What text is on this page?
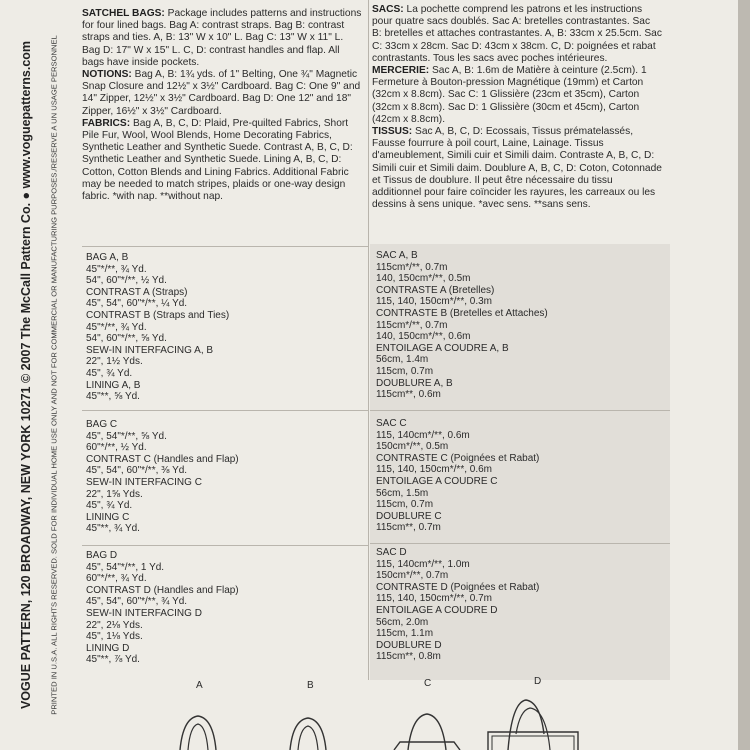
VOGUE PATTERN, 120 BROADWAY, NEW YORK 10271 © 2007 The McCall Pattern Co. ● www.voguepatterns.com PRINTED IN U.S.A. ALL RIGHTS RESERVED. SOLD FOR INDIVIDUAL HOME USE ONLY AND NOT FOR COMMERCIAL OR MANUFACTURING PURPOSES./RESERVE A UN USAGE PERSONNEL

SATCHEL BAGS: Package includes patterns and instructions for four lined bags. Bag A: contrast straps. Bag B: contrast straps and ties. A, B: 13" W x 10" L. Bag C: 13" W x 11" L. Bag D: 17" W x 15" L. C, D: contrast handles and flap. All bags have inside pockets.

NOTIONS: Bag A, B: 1¾ yds. of 1" Belting, One ¾" Magnetic Snap Closure and 12½" x 3½" Cardboard. Bag C: One 9" and 14" Zipper, 12½" x 3½" Cardboard. Bag D: One 12" and 18" Zipper, 16½" x 3½" Cardboard.

FABRICS: Bag A, B, C, D: Plaid, Pre-quilted Fabrics, Short Pile Fur, Wool, Wool Blends, Home Decorating Fabrics, Synthetic Leather and Synthetic Suede. Contrast A, B, C, D: Synthetic Leather and Synthetic Suede. Lining A, B, C, D: Cotton, Cotton Blends and Lining Fabrics. Additional Fabric may be needed to match stripes, plaids or one-way design fabric. *with nap. **without nap.

SACS: La pochette comprend les patrons et les instructions pour quatre sacs doublés. Sac A: bretelles contrastantes. Sac B: bretelles et attaches contrastantes. A, B: 33cm x 25.5cm. Sac C: 33cm x 28cm. Sac D: 43cm x 38cm. C, D: poignées et rabat contrastants. Tous les sacs avec poches intérieures.

MERCERIE: Sac A, B: 1.6m de Matière à ceinture (2.5cm). 1 Fermeture à Bouton-pression Magnétique (19mm) et Carton (32cm x 8.8cm). Sac C: 1 Glissière (23cm et 35cm), Carton (32cm x 8.8cm). Sac D: 1 Glissière (30cm et 45cm), Carton (42cm x 8.8cm).

TISSUS: Sac A, B, C, D: Ecossais, Tissus prématelassés, Fausse fourrure à poil court, Laine, Lainage. Tissus d'ameublement, Simili cuir et Simili daim. Contraste A, B, C, D: Simili cuir et Simili daim. Doublure A, B, C, D: Coton, Cotonnade et Tissus de doublure. Il peut être nécessaire du tissu additionnel pour faire coïncider les rayures, les carreaux ou les dessins à sens unique. *avec sens. **sans sens.

BAG A, B
45"*/**, ¾ Yd.
54", 60"*/**, ½ Yd.
CONTRAST A (Straps)
45", 54", 60"*/**, ¼ Yd.
CONTRAST B (Straps and Ties)
45"*/**, ¾ Yd.
54", 60"*/**, ⅝ Yd.
SEW-IN INTERFACING A, B
22", 1½ Yds.
45", ¾ Yd.
LINING A, B
45"**, ⅝ Yd.
BAG C
45", 54"*/**, ⅝ Yd.
60"*/**, ½ Yd.
CONTRAST C (Handles and Flap)
45", 54", 60"*/**, ⅜ Yd.
SEW-IN INTERFACING C
22", 1⅝ Yds.
45", ¾ Yd.
LINING C
45"**, ¾ Yd.
BAG D
45", 54"*/**, 1 Yd.
60"*/**, ¾ Yd.
CONTRAST D (Handles and Flap)
45", 54", 60"*/**, ¾ Yd.
SEW-IN INTERFACING D
22", 2⅛ Yds.
45", 1⅛ Yds.
LINING D
45"**, ⅞ Yd.
SAC A, B
115cm*/**, 0.7m
140, 150cm*/**, 0.5m
CONTRASTE A (Bretelles)
115, 140, 150cm*/**, 0.3m
CONTRASTE B (Bretelles et Attaches)
115cm*/**, 0.7m
140, 150cm*/**, 0.6m
ENTOILAGE A COUDRE A, B
56cm, 1.4m
115cm, 0.7m
DOUBLURE A, B
115cm**, 0.6m
SAC C
115, 140cm*/**, 0.6m
150cm*/**, 0.5m
CONTRASTE C (Poignées et Rabat)
115, 140, 150cm*/**, 0.6m
ENTOILAGE A COUDRE C
56cm, 1.5m
115cm, 0.7m
DOUBLURE C
115cm**, 0.7m
SAC D
115, 140cm*/**, 1.0m
150cm*/**, 0.7m
CONTRASTE D (Poignées et Rabat)
115, 140, 150cm*/**, 0.7m
ENTOILAGE A COUDRE D
56cm, 2.0m
115cm, 1.1m
DOUBLURE D
115cm**, 0.8m
A	B	C	D
